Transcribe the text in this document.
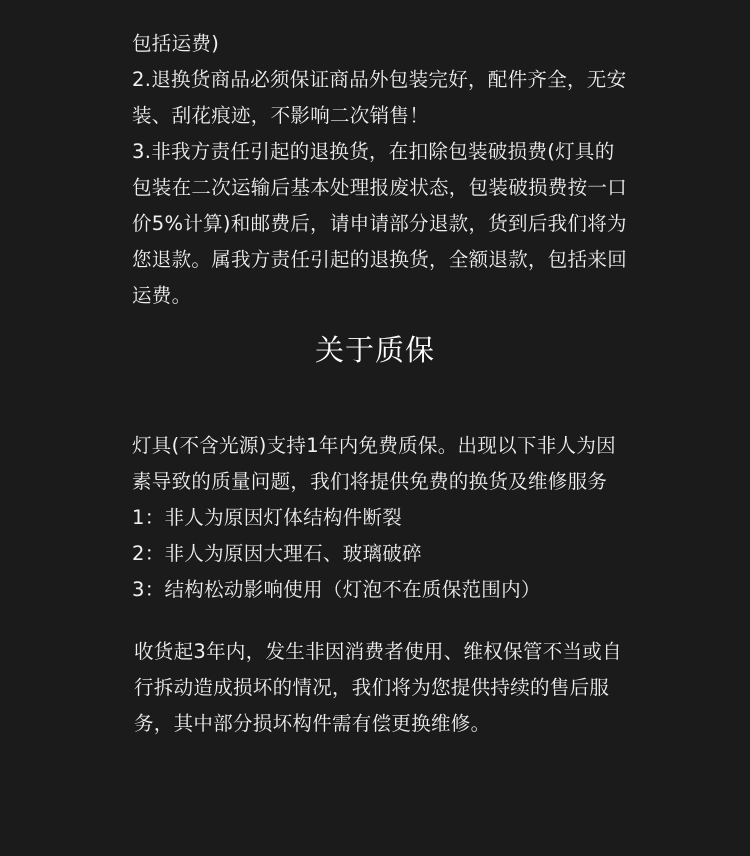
包括运费)

2.退换货商品必须保证商品外包装完好，配件齐全，无安装、刮花痕迹，不影响二次销售！

3.非我方责任引起的退换货，在扣除包装破损费(灯具的包装在二次运输后基本处理报废状态，包装破损费按一口价5%计算)和邮费后，请申请部分退款，货到后我们将为您退款。属我方责任引起的退换货，全额退款，包括来回运费。

关于质保

灯具(不含光源)支持1年内免费质保。出现以下非人为因素导致的质量问题，我们将提供免费的换货及维修服务

1：非人为原因灯体结构件断裂

2：非人为原因大理石、玻璃破碎

3：结构松动影响使用（灯泡不在质保范围内）

收货起3年内，发生非因消费者使用、维权保管不当或自行拆动造成损坏的情况，我们将为您提供持续的售后服务，其中部分损坏构件需有偿更换维修。
